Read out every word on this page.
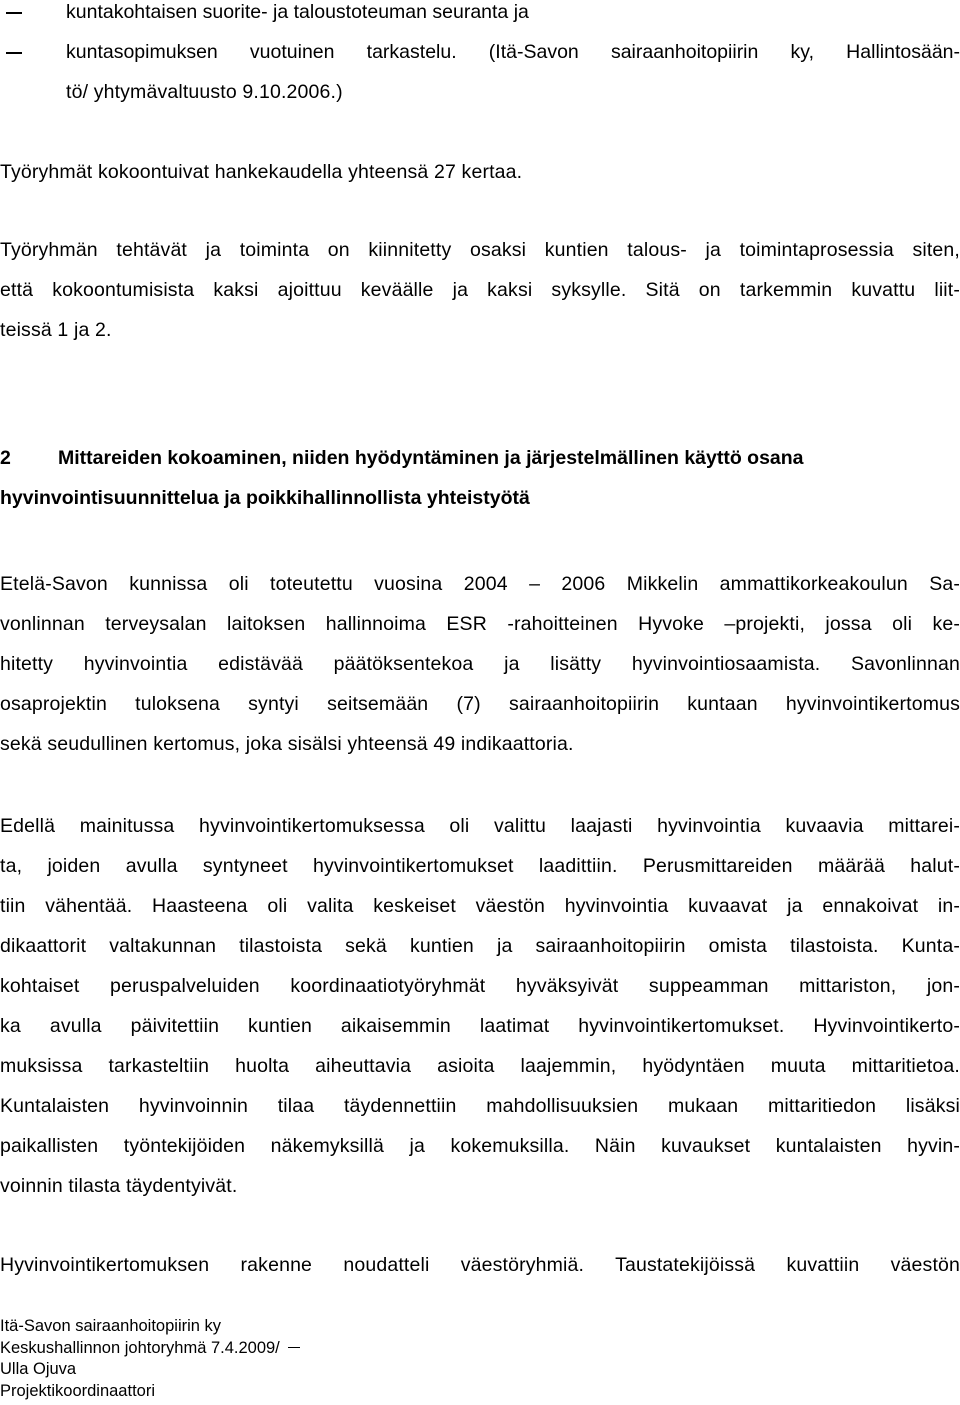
kuntakohtaisen suorite- ja taloustoteuman seuranta ja
kuntasopimuksen vuotuinen tarkastelu. (Itä-Savon sairaanhoitopiirin ky, Hallintosään-
tö/ yhtymävaltuusto 9.10.2006.)
Työryhmät kokoontuivat hankekaudella yhteensä 27 kertaa.
Työryhmän tehtävät ja toiminta on kiinnitetty osaksi kuntien talous- ja toimintaprosessia siten,
että kokoontumisista kaksi ajoittuu keväälle ja kaksi syksylle. Sitä on tarkemmin kuvattu liit-
teissä 1 ja 2.
2 Mittareiden kokoaminen, niiden hyödyntäminen ja järjestelmällinen käyttö osana
hyvinvointisuunnittelua ja poikkihallinnollista yhteistyötä
Etelä-Savon kunnissa oli toteutettu vuosina 2004 – 2006 Mikkelin ammattikorkeakoulun Sa-
vonlinnan terveysalan laitoksen hallinnoima ESR -rahoitteinen Hyvoke –projekti, jossa oli ke-
hitetty hyvinvointia edistävää päätöksentekoa ja lisätty hyvinvointiosaamista. Savonlinnan
osaprojektin tuloksena syntyi seitsemään (7) sairaanhoitopiirin kuntaan hyvinvointikertomus
sekä seudullinen kertomus, joka sisälsi yhteensä 49 indikaattoria.
Edellä mainitussa hyvinvointikertomuksessa oli valittu laajasti hyvinvointia kuvaavia mittarei-
ta, joiden avulla syntyneet hyvinvointikertomukset laadittiin. Perusmittareiden määrää halut-
tiin vähentää. Haasteena oli valita keskeiset väestön hyvinvointia kuvaavat ja ennakoivat in-
dikaattorit valtakunnan tilastoista sekä kuntien ja sairaanhoitopiirin omista tilastoista. Kunta-
kohtaiset peruspalveluiden koordinaatiotyöryhmät hyväksyivät suppeamman mittariston, jon-
ka avulla päivitettiin kuntien aikaisemmin laatimat hyvinvointikertomukset. Hyvinvointikerto-
muksissa tarkasteltiin huolta aiheuttavia asioita laajemmin, hyödyntäen muuta mittaritietoa.
Kuntalaisten hyvinvoinnin tilaa täydennettiin mahdollisuuksien mukaan mittaritiedon lisäksi
paikallisten työntekijöiden näkemyksillä ja kokemuksilla. Näin kuvaukset kuntalaisten hyvin-
voinnin tilasta täydentyivät.
Hyvinvointikertomuksen rakenne noudatteli väestöryhmiä. Taustatekijöissä kuvattiin väestön
Itä-Savon sairaanhoitopiirin ky
Keskushallinnon johtoryhmä 7.4.2009/
Ulla Ojuva
Projektikoordinaattori
